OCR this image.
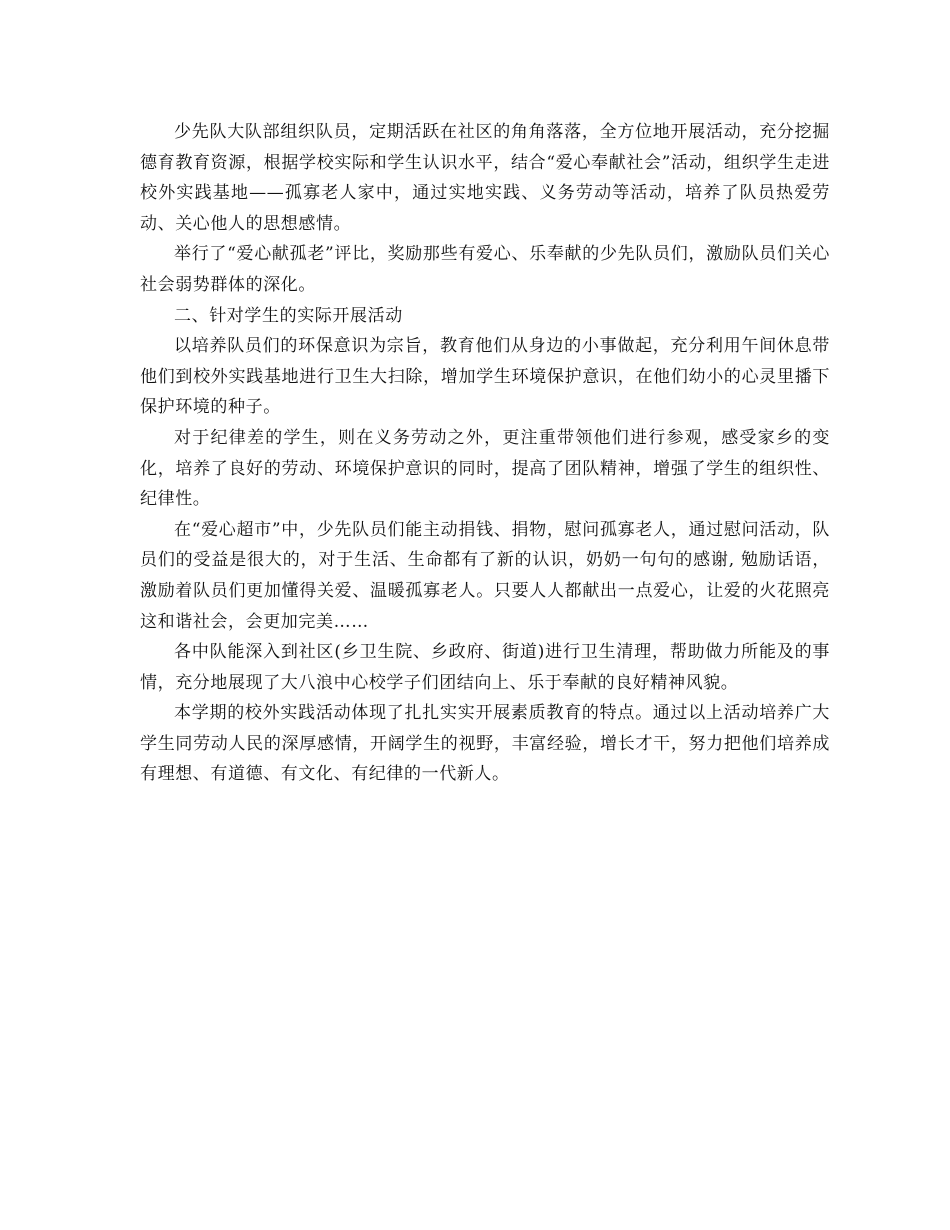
少先队大队部组织队员，定期活跃在社区的角角落落，全方位地开展活动，充分挖掘德育教育资源，根据学校实际和学生认识水平，结合“爱心奉献社会”活动，组织学生走进校外实践基地——孤寡老人家中，通过实地实践、义务劳动等活动，培养了队员热爱劳动、关心他人的思想感情。

举行了“爱心献孤老”评比，奖励那些有爱心、乐奉献的少先队员们，激励队员们关心社会弱势群体的深化。

二、针对学生的实际开展活动

以培养队员们的环保意识为宗旨，教育他们从身边的小事做起，充分利用午间休息带他们到校外实践基地进行卫生大扫除，增加学生环境保护意识，在他们幼小的心灵里播下保护环境的种子。

对于纪律差的学生，则在义务劳动之外，更注重带领他们进行参观，感受家乡的变化，培养了良好的劳动、环境保护意识的同时，提高了团队精神，增强了学生的组织性、纪律性。

在“爱心超市”中，少先队员们能主动捐钱、捐物，慰问孤寡老人，通过慰问活动，队员们的受益是很大的，对于生活、生命都有了新的认识，奶奶一句句的感谢, 勉励话语， 激励着队员们更加懂得关爱、温暖孤寡老人。只要人人都献出一点爱心，让爱的火花照亮这和谐社会，会更加完美……

各中队能深入到社区(乡卫生院、乡政府、街道)进行卫生清理，帮助做力所能及的事情，充分地展现了大八浪中心校学子们团结向上、乐于奉献的良好精神风貌。

本学期的校外实践活动体现了扎扎实实开展素质教育的特点。通过以上活动培养广大学生同劳动人民的深厚感情，开阔学生的视野，丰富经验，增长才干，努力把他们培养成有理想、有道德、有文化、有纪律的一代新人。
